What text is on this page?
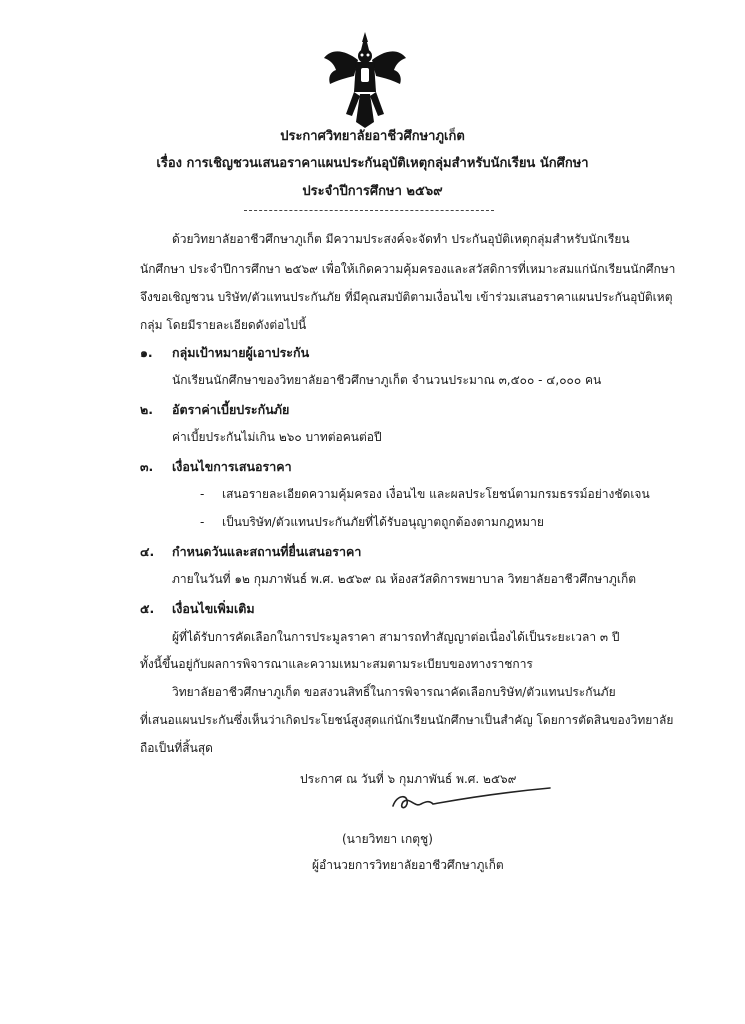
ประกาศวิทยาลัยอาชีวศึกษาภูเก็ต
เรื่อง การเชิญชวนเสนอราคาแผนประกันอุบัติเหตุกลุ่มสำหรับนักเรียน นักศึกษา
ประจำปีการศึกษา ๒๕๖๙
ด้วยวิทยาลัยอาชีวศึกษาภูเก็ต มีความประสงค์จะจัดทำ ประกันอุบัติเหตุกลุ่มสำหรับนักเรียน
นักศึกษา ประจำปีการศึกษา ๒๕๖๙ เพื่อให้เกิดความคุ้มครองและสวัสดิการที่เหมาะสมแก่นักเรียนนักศึกษา
จึงขอเชิญชวน บริษัท/ตัวแทนประกันภัย ที่มีคุณสมบัติตามเงื่อนไข เข้าร่วมเสนอราคาแผนประกันอุบัติเหตุ
กลุ่ม โดยมีรายละเอียดดังต่อไปนี้
๑. กลุ่มเป้าหมายผู้เอาประกัน
นักเรียนนักศึกษาของวิทยาลัยอาชีวศึกษาภูเก็ต จำนวนประมาณ ๓,๕๐๐ - ๔,๐๐๐ คน
๒. อัตราค่าเบี้ยประกันภัย
ค่าเบี้ยประกันไม่เกิน ๒๖๐ บาทต่อคนต่อปี
๓. เงื่อนไขการเสนอราคา
- เสนอรายละเอียดความคุ้มครอง เงื่อนไข และผลประโยชน์ตามกรมธรรม์อย่างชัดเจน
- เป็นบริษัท/ตัวแทนประกันภัยที่ได้รับอนุญาตถูกต้องตามกฎหมาย
๔. กำหนดวันและสถานที่ยื่นเสนอราคา
ภายในวันที่ ๑๒ กุมภาพันธ์ พ.ศ. ๒๕๖๙ ณ ห้องสวัสดิการพยาบาล วิทยาลัยอาชีวศึกษาภูเก็ต
๕. เงื่อนไขเพิ่มเติม
ผู้ที่ได้รับการคัดเลือกในการประมูลราคา สามารถทำสัญญาต่อเนื่องได้เป็นระยะเวลา ๓ ปี
ทั้งนี้ขึ้นอยู่กับผลการพิจารณาและความเหมาะสมตามระเบียบของทางราชการ
วิทยาลัยอาชีวศึกษาภูเก็ต ขอสงวนสิทธิ์ในการพิจารณาคัดเลือกบริษัท/ตัวแทนประกันภัย
ที่เสนอแผนประกันซึ่งเห็นว่าเกิดประโยชน์สูงสุดแก่นักเรียนนักศึกษาเป็นสำคัญ โดยการตัดสินของวิทยาลัย
ถือเป็นที่สิ้นสุด
ประกาศ ณ วันที่ ๖ กุมภาพันธ์ พ.ศ. ๒๕๖๙
(นายวิทยา เกตุชู)
ผู้อำนวยการวิทยาลัยอาชีวศึกษาภูเก็ต
